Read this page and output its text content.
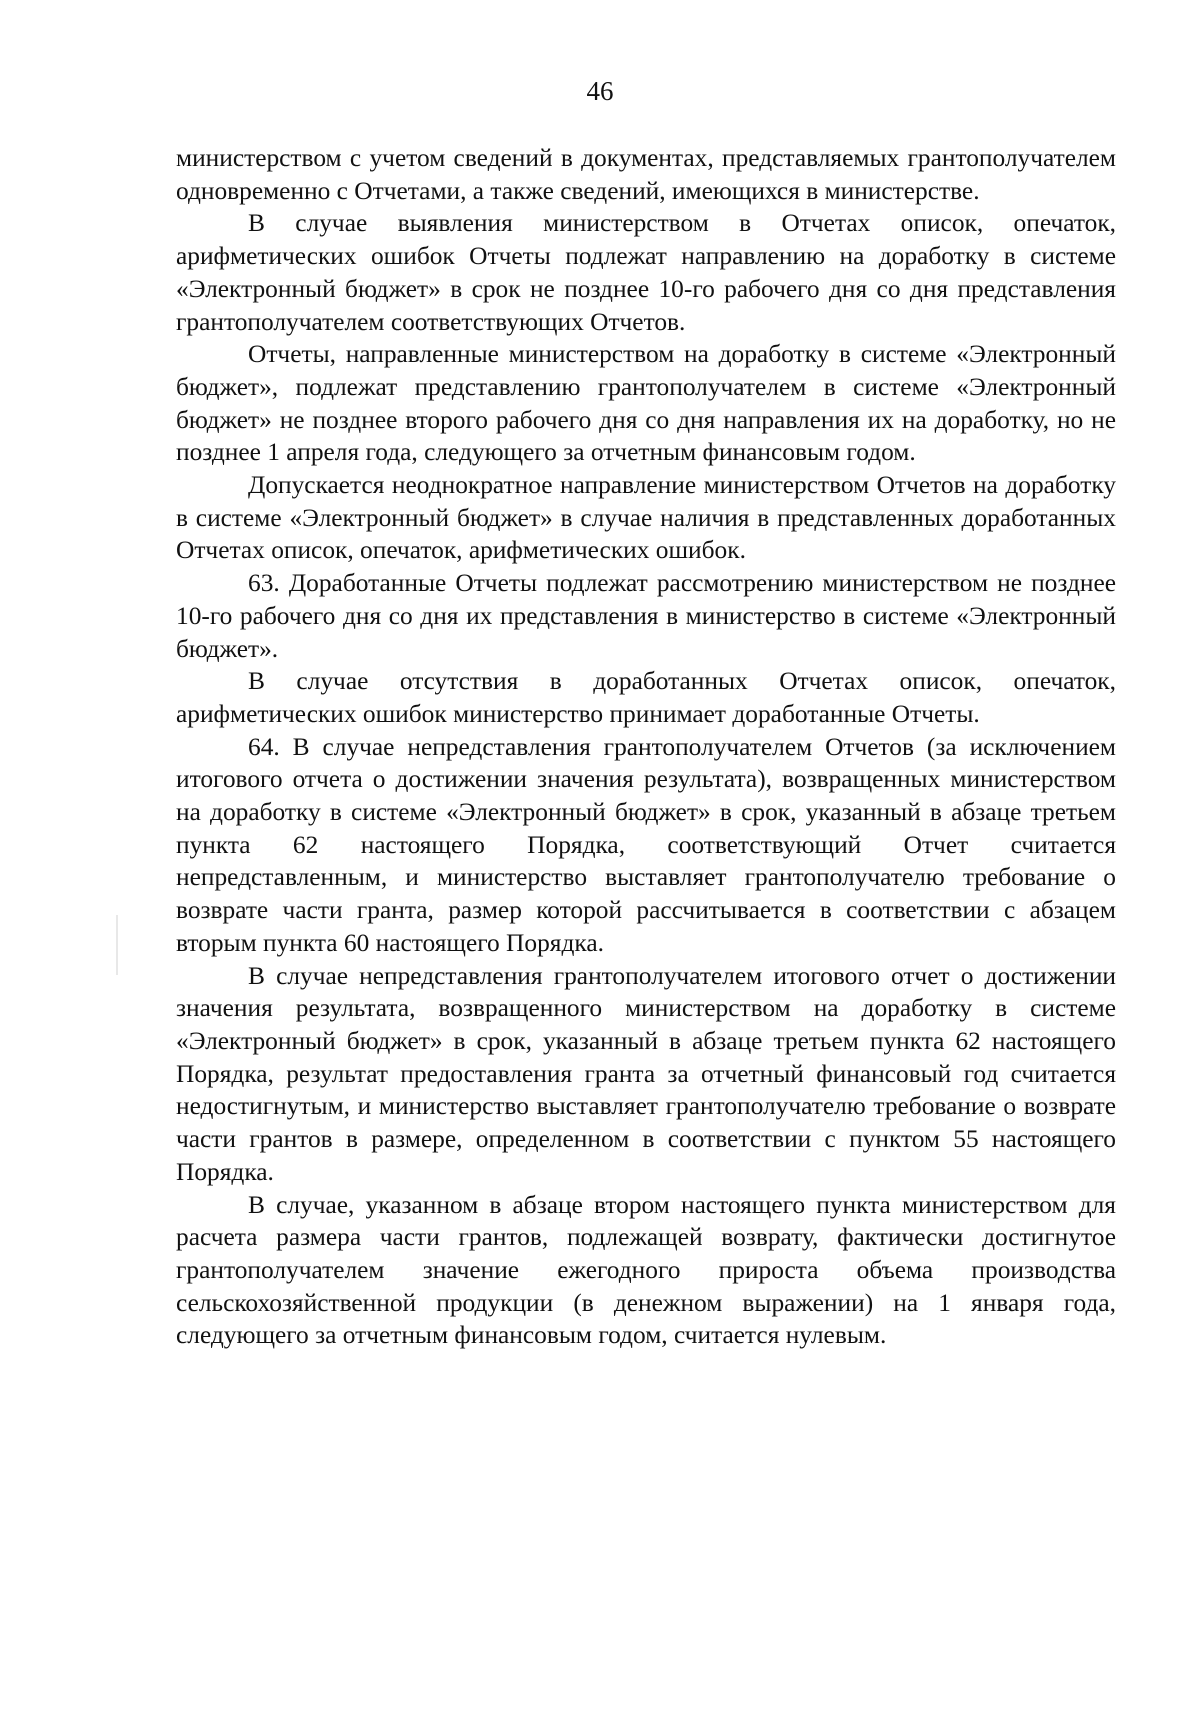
46

министерством с учетом сведений в документах, представляемых грантополучателем одновременно с Отчетами, а также сведений, имеющихся в министерстве.

В случае выявления министерством в Отчетах описок, опечаток, арифметических ошибок Отчеты подлежат направлению на доработку в системе «Электронный бюджет» в срок не позднее 10-го рабочего дня со дня представления грантополучателем соответствующих Отчетов.

Отчеты, направленные министерством на доработку в системе «Электронный бюджет», подлежат представлению грантополучателем в системе «Электронный бюджет» не позднее второго рабочего дня со дня направления их на доработку, но не позднее 1 апреля года, следующего за отчетным финансовым годом.

Допускается неоднократное направление министерством Отчетов на доработку в системе «Электронный бюджет» в случае наличия в представленных доработанных Отчетах описок, опечаток, арифметических ошибок.

63. Доработанные Отчеты подлежат рассмотрению министерством не позднее 10-го рабочего дня со дня их представления в министерство в системе «Электронный бюджет».

В случае отсутствия в доработанных Отчетах описок, опечаток, арифметических ошибок министерство принимает доработанные Отчеты.

64. В случае непредставления грантополучателем Отчетов (за исключением итогового отчета о достижении значения результата), возвращенных министерством на доработку в системе «Электронный бюджет» в срок, указанный в абзаце третьем пункта 62 настоящего Порядка, соответствующий Отчет считается непредставленным, и министерство выставляет грантополучателю требование о возврате части гранта, размер которой рассчитывается в соответствии с абзацем вторым пункта 60 настоящего Порядка.

В случае непредставления грантополучателем итогового отчет о достижении значения результата, возвращенного министерством на доработку в системе «Электронный бюджет» в срок, указанный в абзаце третьем пункта 62 настоящего Порядка, результат предоставления гранта за отчетный финансовый год считается недостигнутым, и министерство выставляет грантополучателю требование о возврате части грантов в размере, определенном в соответствии с пунктом 55 настоящего Порядка.

В случае, указанном в абзаце втором настоящего пункта министерством для расчета размера части грантов, подлежащей возврату, фактически достигнутое грантополучателем значение ежегодного прироста объема производства сельскохозяйственной продукции (в денежном выражении) на 1 января года, следующего за отчетным финансовым годом, считается нулевым.
